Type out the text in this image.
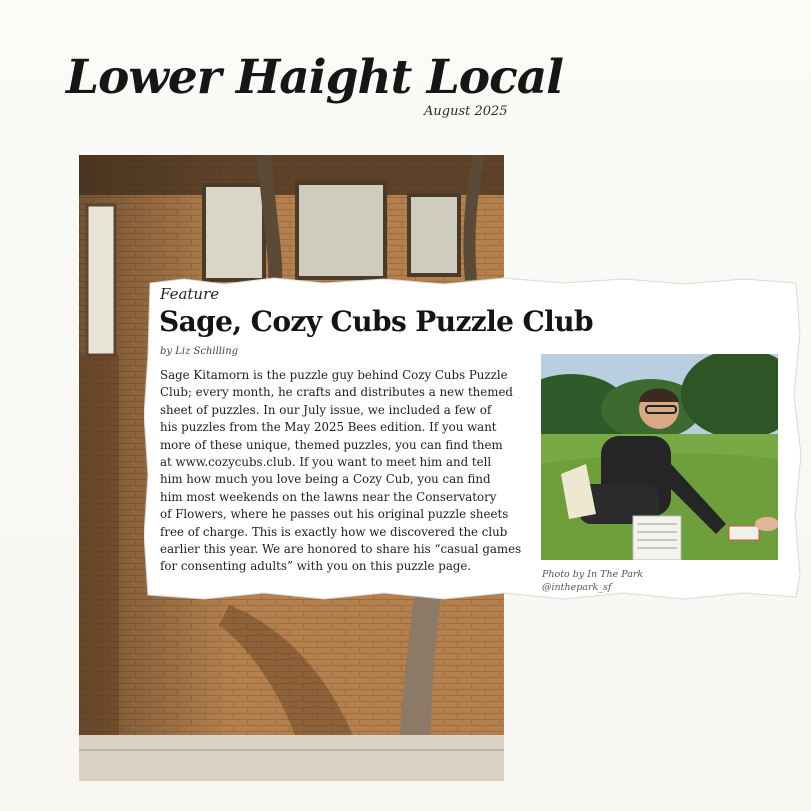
Lower Haight Local
August 2025
Feature
Sage, Cozy Cubs Puzzle Club
by Liz Schilling
Sage Kitamorn is the puzzle guy behind Cozy Cubs Puzzle
Club; every month, he crafts and distributes a new themed
sheet of puzzles. In our July issue, we included a few of
his puzzles from the May 2025 Bees edition. If you want
more of these unique, themed puzzles, you can find them
at www.cozycubs.club. If you want to meet him and tell
him how much you love being a Cozy Cub, you can find
him most weekends on the lawns near the Conservatory
of Flowers, where he passes out his original puzzle sheets
free of charge. This is exactly how we discovered the club
earlier this year. We are honored to share his “casual games
for consenting adults” with you on this puzzle page.
Photo by In The Park
@inthepark_sf
